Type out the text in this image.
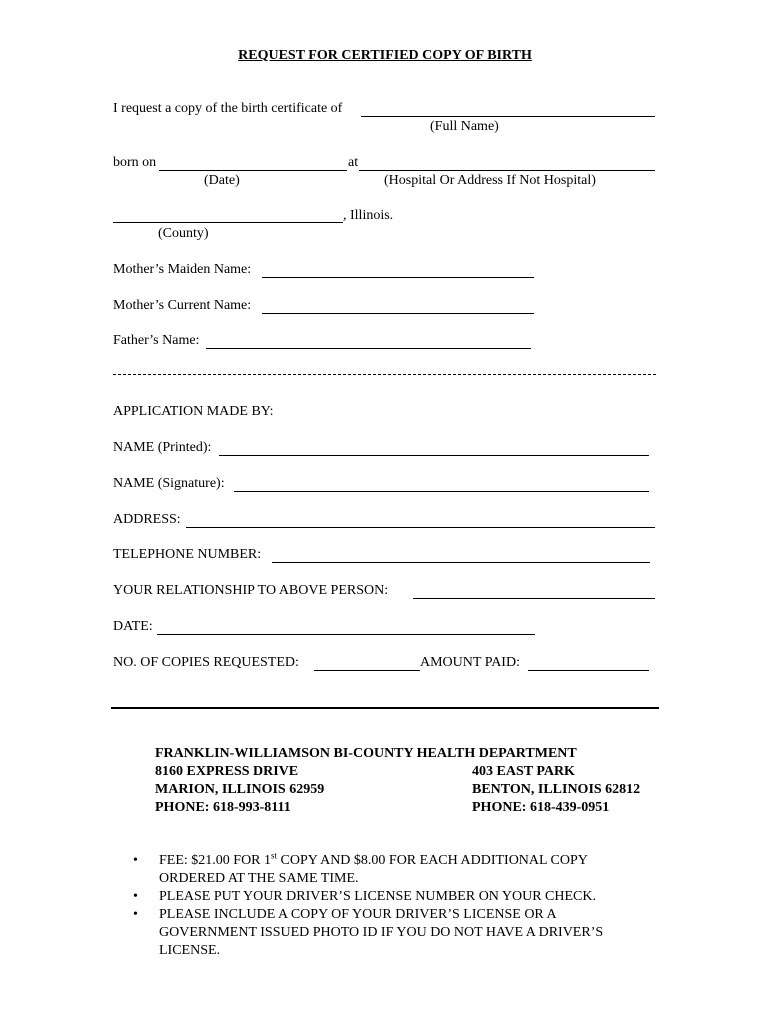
REQUEST FOR CERTIFIED COPY OF BIRTH
I request a copy of the birth certificate of
(Full Name)
born on	at
(Date)	(Hospital Or Address If Not Hospital)
, Illinois.
(County)
Mother’s Maiden Name:
Mother’s Current Name:
Father’s Name:
APPLICATION MADE BY:
NAME (Printed):
NAME (Signature):
ADDRESS:
TELEPHONE NUMBER:
YOUR RELATIONSHIP TO ABOVE PERSON:
DATE:
NO. OF COPIES REQUESTED:	AMOUNT PAID:
FRANKLIN-WILLIAMSON BI-COUNTY HEALTH DEPARTMENT
8160 EXPRESS DRIVE
MARION, ILLINOIS 62959
PHONE: 618-993-8111
403 EAST PARK
BENTON, ILLINOIS 62812
PHONE: 618-439-0951
• FEE: $21.00 FOR 1st COPY AND $8.00 FOR EACH ADDITIONAL COPY ORDERED AT THE SAME TIME.
• PLEASE PUT YOUR DRIVER’S LICENSE NUMBER ON YOUR CHECK.
• PLEASE INCLUDE A COPY OF YOUR DRIVER’S LICENSE OR A GOVERNMENT ISSUED PHOTO ID IF YOU DO NOT HAVE A DRIVER’S LICENSE.
